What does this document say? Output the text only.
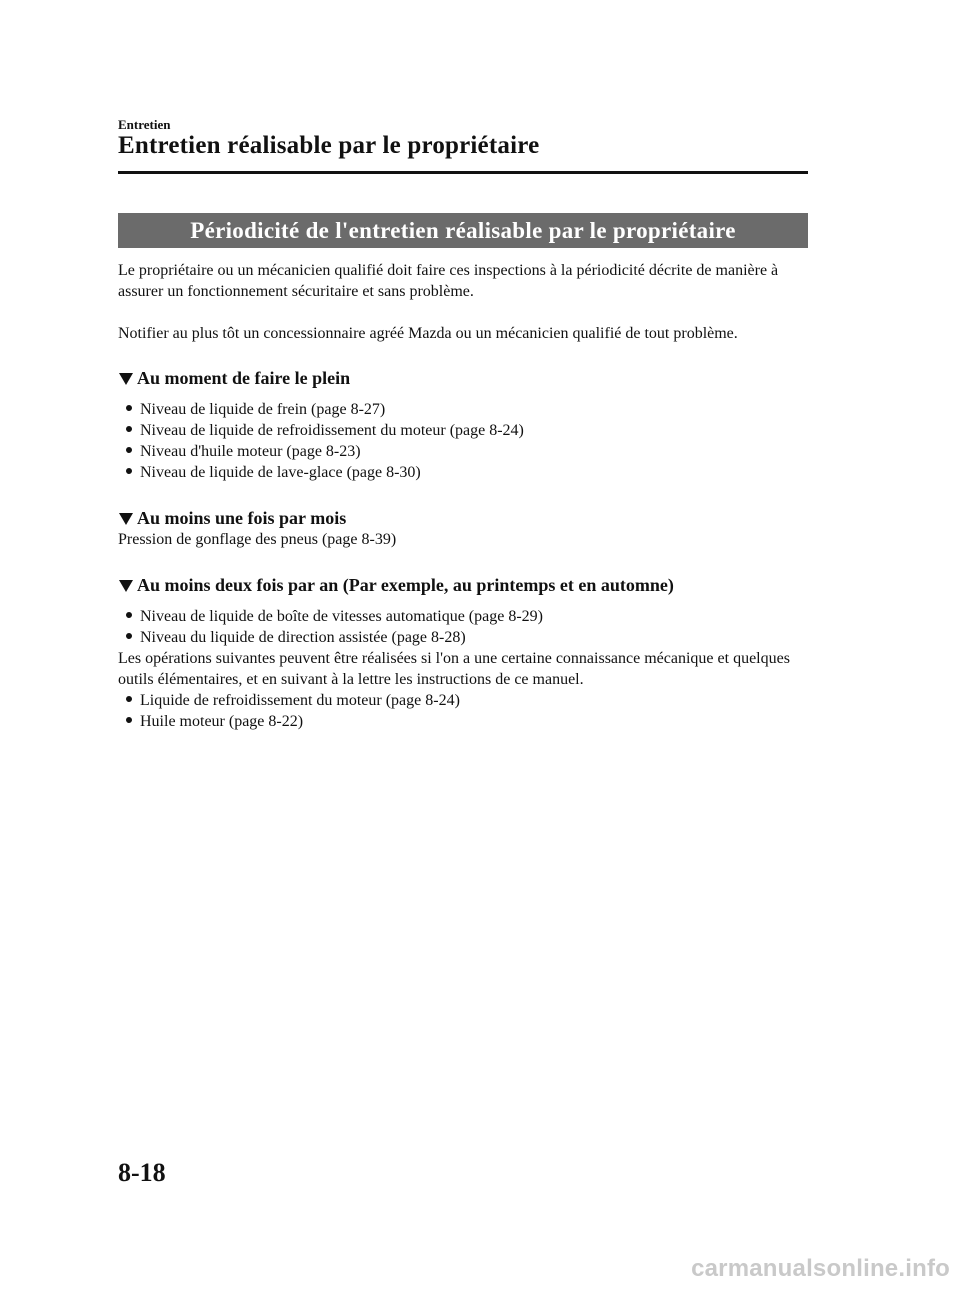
Entretien
Entretien réalisable par le propriétaire
Périodicité de l'entretien réalisable par le propriétaire

Le propriétaire ou un mécanicien qualifié doit faire ces inspections à la périodicité décrite de manière à assurer un fonctionnement sécuritaire et sans problème.

Notifier au plus tôt un concessionnaire agréé Mazda ou un mécanicien qualifié de tout problème.

Au moment de faire le plein
Niveau de liquide de frein (page 8-27)
Niveau de liquide de refroidissement du moteur (page 8-24)
Niveau d'huile moteur (page 8-23)
Niveau de liquide de lave-glace (page 8-30)
Au moins une fois par mois

Pression de gonflage des pneus (page 8-39)

Au moins deux fois par an (Par exemple, au printemps et en automne)
Niveau de liquide de boîte de vitesses automatique (page 8-29)
Niveau du liquide de direction assistée (page 8-28)

Les opérations suivantes peuvent être réalisées si l'on a une certaine connaissance mécanique et quelques outils élémentaires, et en suivant à la lettre les instructions de ce manuel.

Liquide de refroidissement du moteur (page 8-24)
Huile moteur (page 8-22)
8-18
carmanualsonline.info
